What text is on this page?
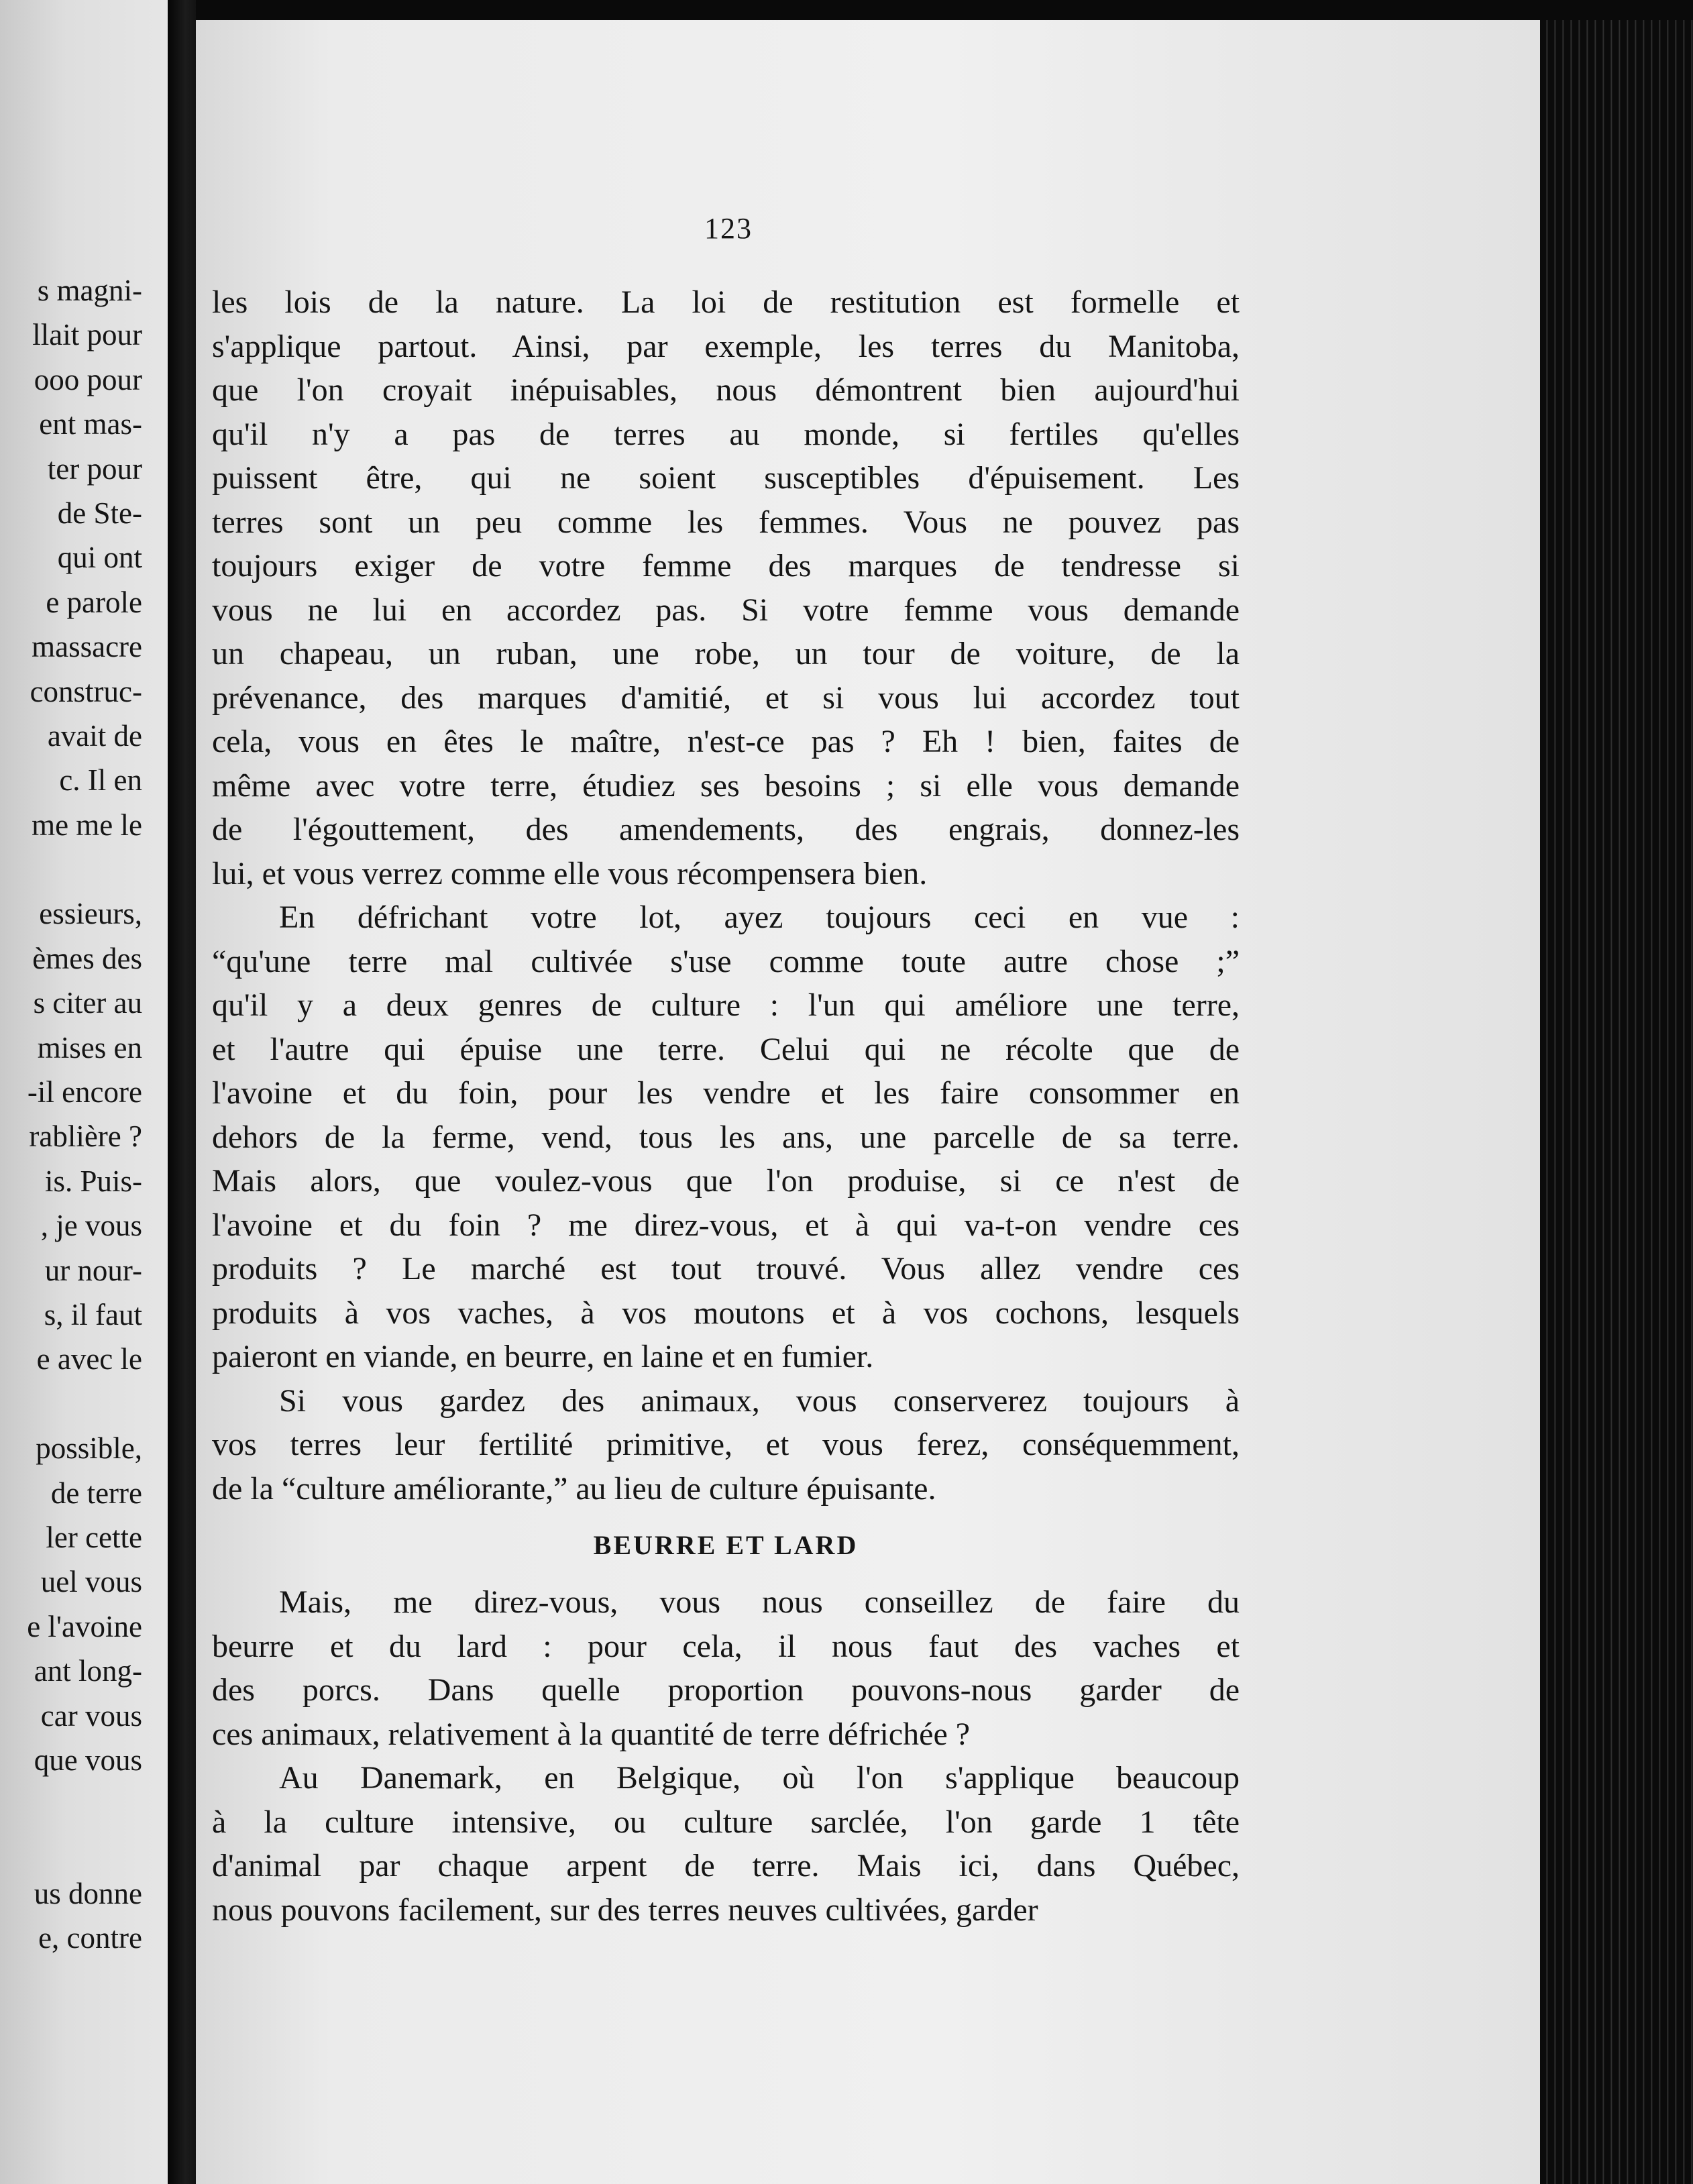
s magni-
llait pour
ooo pour
ent mas-
ter pour
de Ste-
qui ont
e parole
massacre
construc-
avait de
c. Il en
me me le
essieurs,
èmes des
s citer au
mises en
-il encore
rablière ?
is. Puis-
, je vous
ur nour-
s, il faut
e avec le
possible,
de terre
ler cette
uel vous
e l'avoine
ant long-
car vous
que vous
us donne
e, contre
123
les lois de la nature. La loi de restitution est formelle et
s'applique partout. Ainsi, par exemple, les terres du Manitoba,
que l'on croyait inépuisables, nous démontrent bien aujourd'hui
qu'il n'y a pas de terres au monde, si fertiles qu'elles
puissent être, qui ne soient susceptibles d'épuisement. Les
terres sont un peu comme les femmes. Vous ne pouvez pas
toujours exiger de votre femme des marques de tendresse si
vous ne lui en accordez pas. Si votre femme vous demande
un chapeau, un ruban, une robe, un tour de voiture, de la
prévenance, des marques d'amitié, et si vous lui accordez tout
cela, vous en êtes le maître, n'est-ce pas ? Eh ! bien, faites de
même avec votre terre, étudiez ses besoins ; si elle vous demande
de l'égouttement, des amendements, des engrais, donnez-les
lui, et vous verrez comme elle vous récompensera bien.
En défrichant votre lot, ayez toujours ceci en vue :
“qu'une terre mal cultivée s'use comme toute autre chose ;”
qu'il y a deux genres de culture : l'un qui améliore une terre,
et l'autre qui épuise une terre. Celui qui ne récolte que de
l'avoine et du foin, pour les vendre et les faire consommer en
dehors de la ferme, vend, tous les ans, une parcelle de sa terre.
Mais alors, que voulez-vous que l'on produise, si ce n'est de
l'avoine et du foin ? me direz-vous, et à qui va-t-on vendre ces
produits ? Le marché est tout trouvé. Vous allez vendre ces
produits à vos vaches, à vos moutons et à vos cochons, lesquels
paieront en viande, en beurre, en laine et en fumier.
Si vous gardez des animaux, vous conserverez toujours à
vos terres leur fertilité primitive, et vous ferez, conséquemment,
de la “culture améliorante,” au lieu de culture épuisante.
BEURRE ET LARD
Mais, me direz-vous, vous nous conseillez de faire du
beurre et du lard : pour cela, il nous faut des vaches et
des porcs. Dans quelle proportion pouvons-nous garder de
ces animaux, relativement à la quantité de terre défrichée ?
Au Danemark, en Belgique, où l'on s'applique beaucoup
à la culture intensive, ou culture sarclée, l'on garde 1 tête
d'animal par chaque arpent de terre. Mais ici, dans Québec,
nous pouvons facilement, sur des terres neuves cultivées, garder
